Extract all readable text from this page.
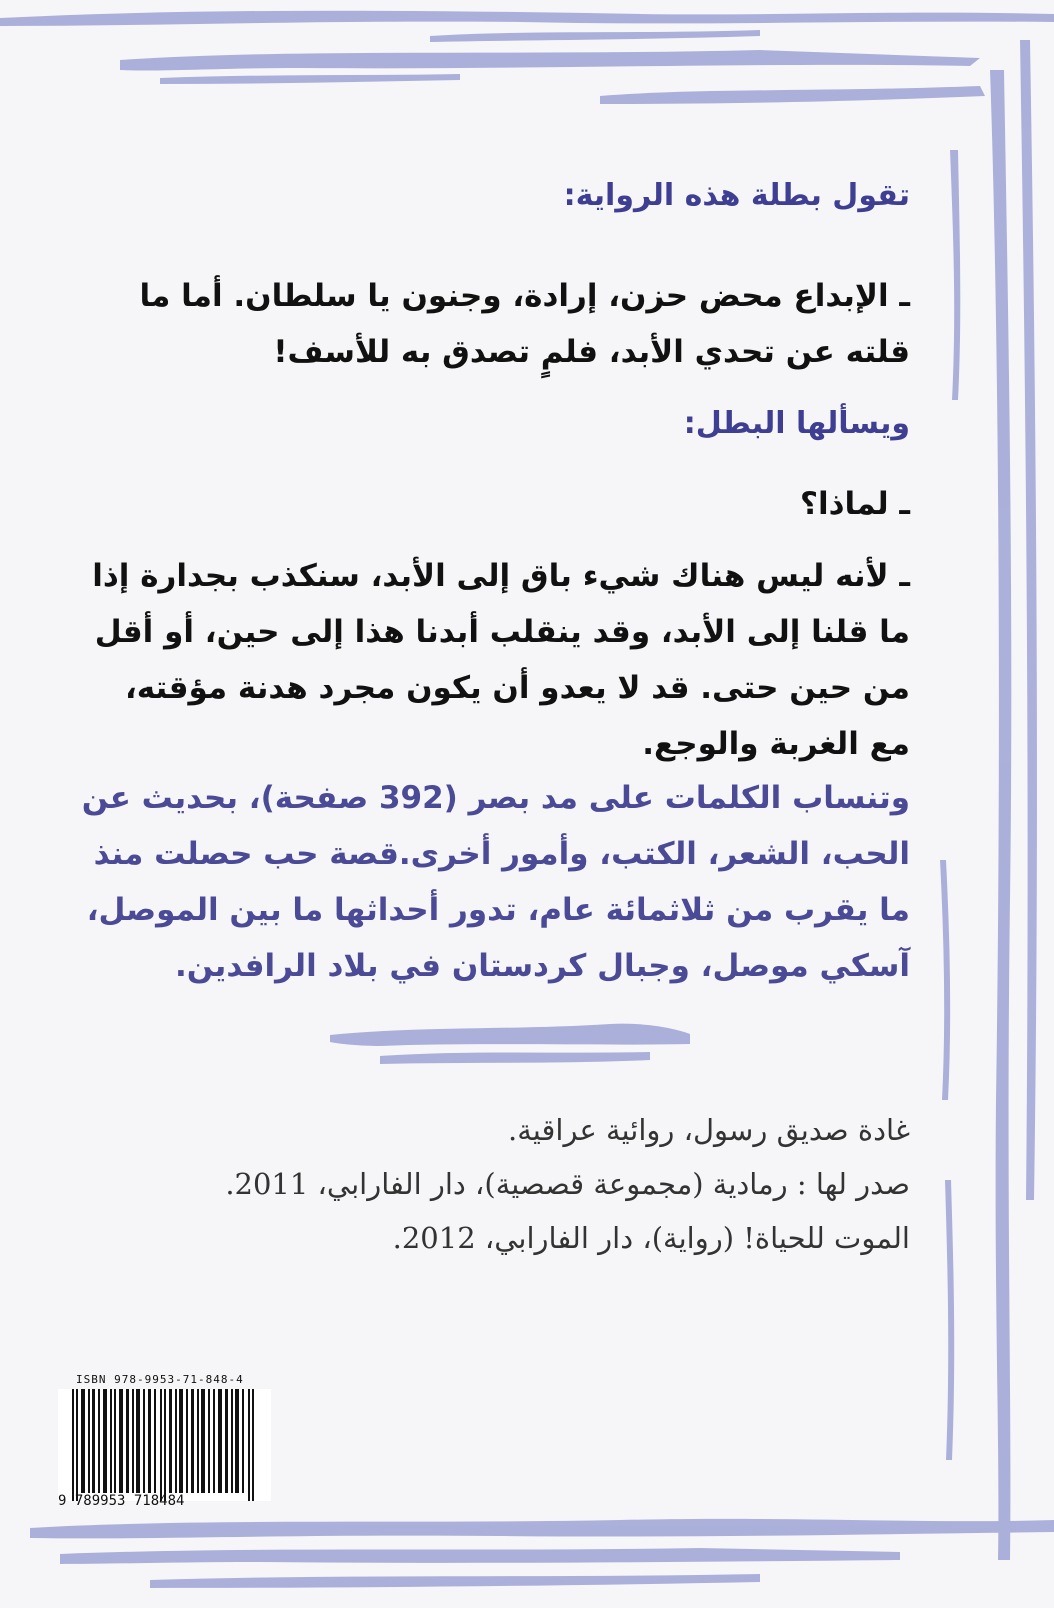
تقول بطلة هذه الرواية:

ـ الإبداع محض حزن، إرادة، وجنون يا سلطان. أما ما قلته عن تحدي الأبد، فلمٍ تصدق به للأسف!

ويسألها البطل:

ـ لماذا؟

ـ لأنه ليس هناك شيء باق إلى الأبد، سنكذب بجدارة إذا ما قلنا إلى الأبد، وقد ينقلب أبدنا هذا إلى حين، أو أقل من حين حتى. قد لا يعدو أن يكون مجرد هدنة مؤقته، مع الغربة والوجع.

وتنساب الكلمات على مد بصر (392 صفحة)، بحديث عن الحب، الشعر، الكتب، وأمور أخرى.قصة حب حصلت منذ ما يقرب من ثلاثمائة عام، تدور أحداثها ما بين الموصل، آسكي موصل، وجبال كردستان في بلاد الرافدين.

غادة صديق رسول، روائية عراقية.

صدر لها : رمادية (مجموعة قصصية)، دار الفارابي، 2011.

الموت للحياة! (رواية)، دار الفارابي، 2012.

ISBN 978-9953-71-848-4
9 789953 718484
